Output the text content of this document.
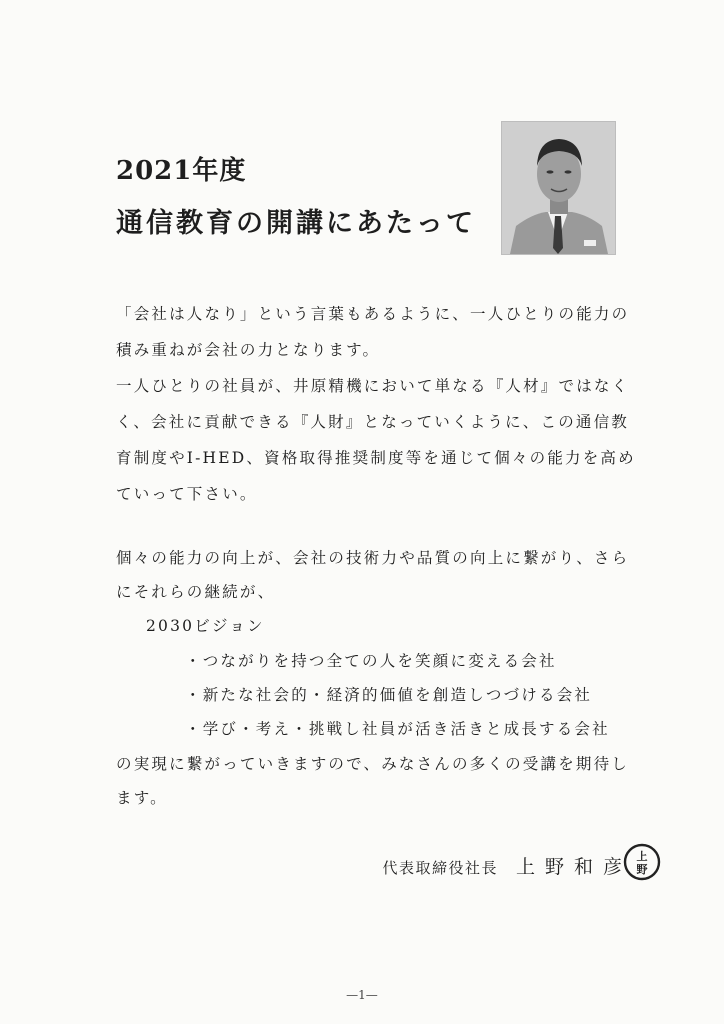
2021年度
通信教育の開講にあたって
「会社は人なり」という言葉もあるように、一人ひとりの能力の
積み重ねが会社の力となります。
一人ひとりの社員が、井原精機において単なる『人材』ではなく
く、会社に貢献できる『人財』となっていくように、この通信教
育制度やI-HED、資格取得推奨制度等を通じて個々の能力を高め
ていって下さい。
個々の能力の向上が、会社の技術力や品質の向上に繋がり、さら
にそれらの継続が、
2030ビジョン
・つながりを持つ全ての人を笑顔に変える会社
・新たな社会的・経済的価値を創造しつづける会社
・学び・考え・挑戦し社員が活き活きと成長する会社
の実現に繋がっていきますので、みなさんの多くの受講を期待し
ます。
代表取締役社長 上野和彦 上
野
—1—
